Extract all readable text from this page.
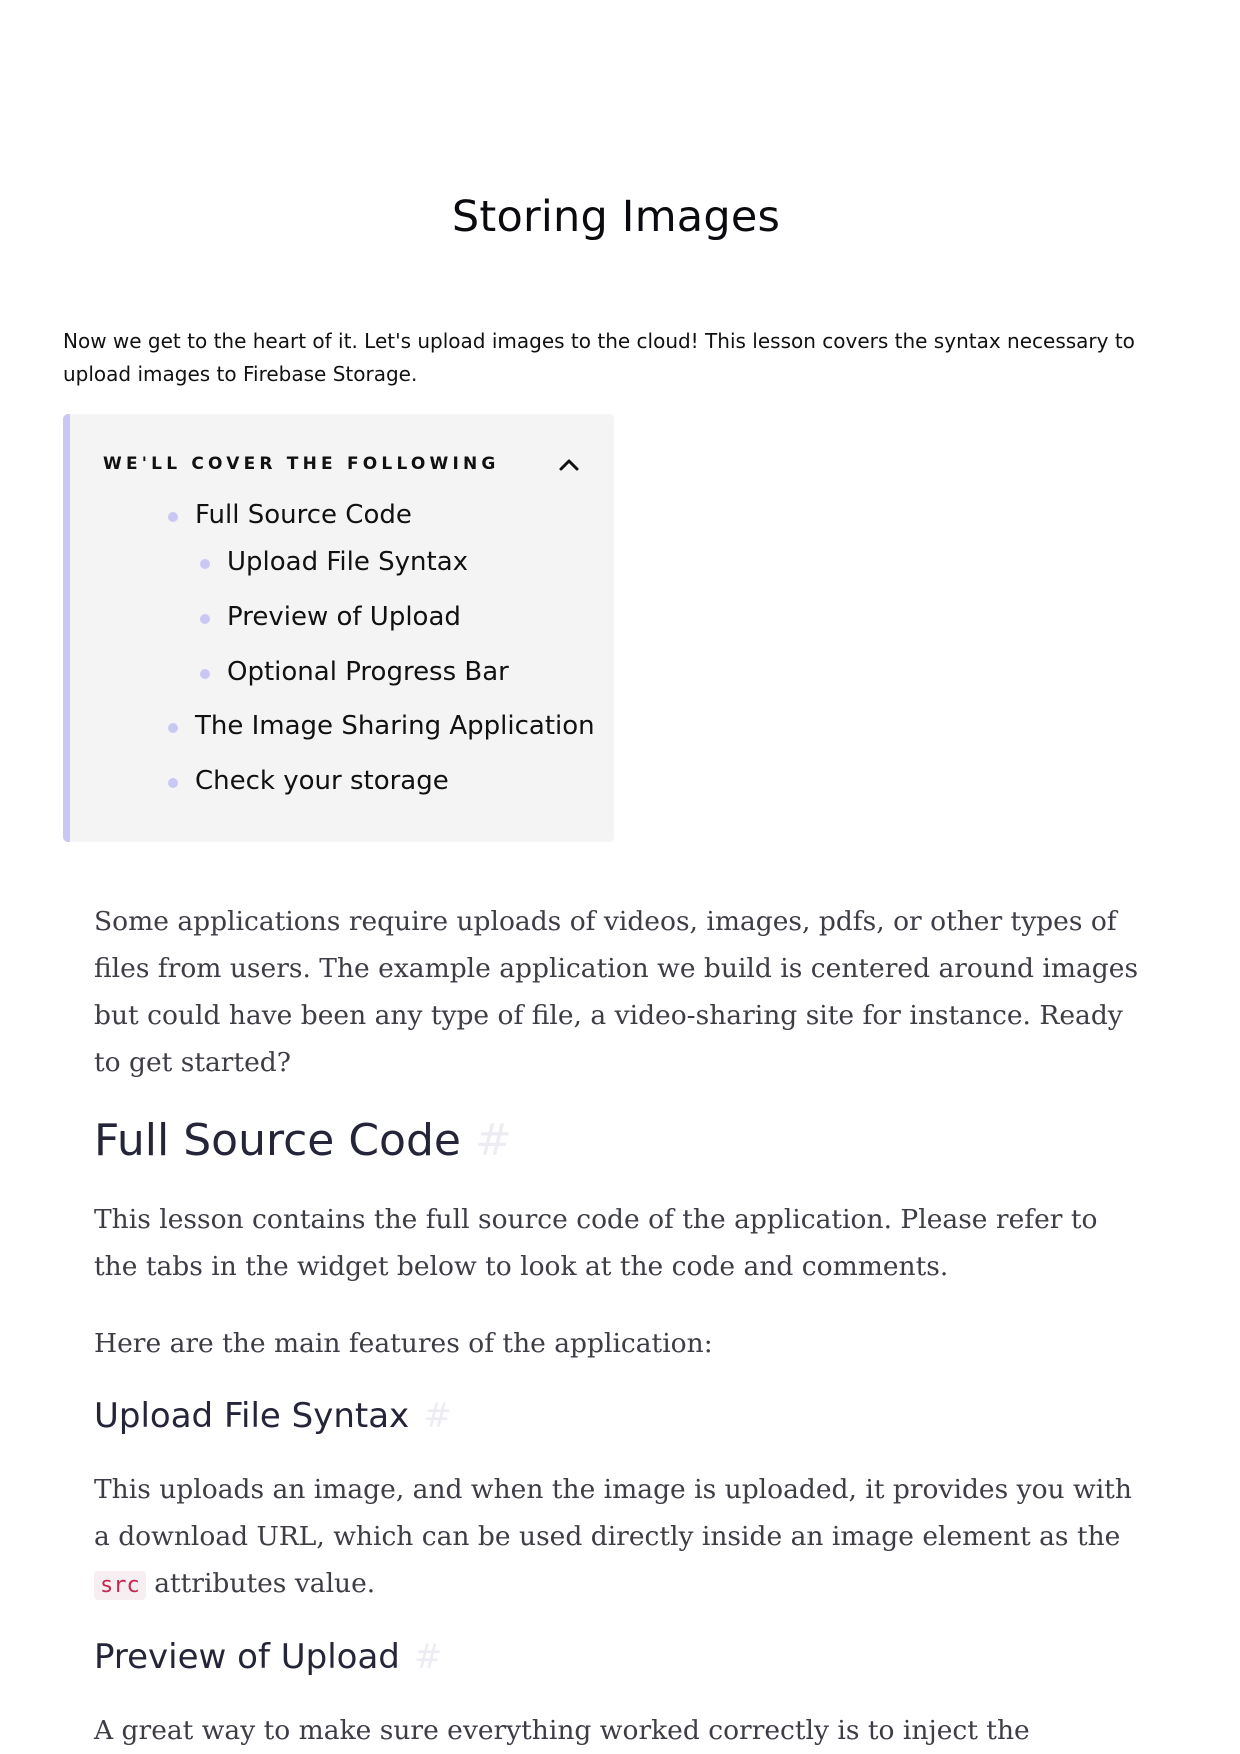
Storing Images

Now we get to the heart of it. Let's upload images to the cloud! This lesson covers the syntax necessary to upload images to Firebase Storage.

WE'LL COVER THE FOLLOWING
Full Source Code
Upload File Syntax
Preview of Upload
Optional Progress Bar
The Image Sharing Application
Check your storage

Some applications require uploads of videos, images, pdfs, or other types of files from users. The example application we build is centered around images but could have been any type of file, a video-sharing site for instance. Ready to get started?

Full Source Code #

This lesson contains the full source code of the application. Please refer to the tabs in the widget below to look at the code and comments.

Here are the main features of the application:

Upload File Syntax #

This uploads an image, and when the image is uploaded, it provides you with a download URL, which can be used directly inside an image element as the src attributes value.

Preview of Upload #

A great way to make sure everything worked correctly is to inject the
